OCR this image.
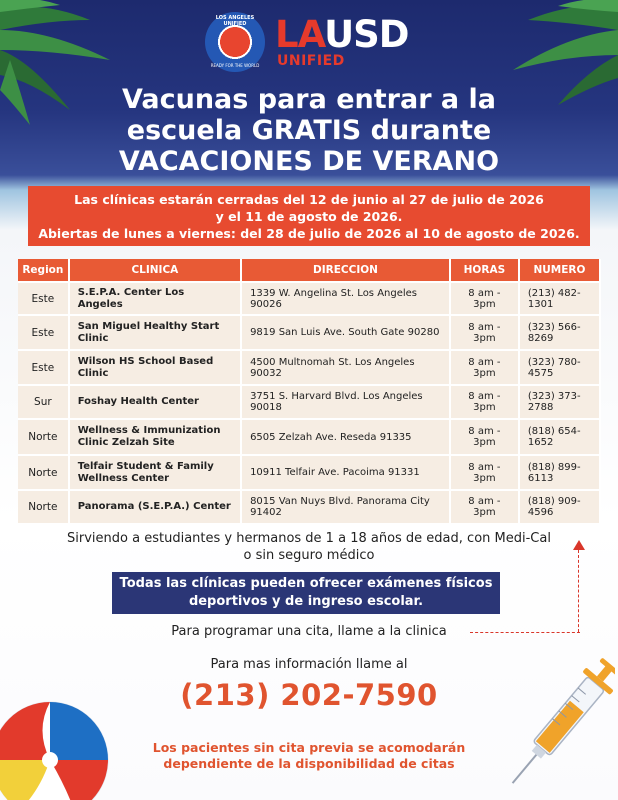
LOS ANGELES UNIFIED
READY FOR THE WORLD
LAUSD
UNIFIED
Vacunas para entrar a la
escuela GRATIS durante
VACACIONES DE VERANO
Las clínicas estarán cerradas del 12 de junio al 27 de julio de 2026
y el 11 de agosto de 2026.
Abiertas de lunes a viernes: del 28 de julio de 2026 al 10 de agosto de 2026.
Region	CLINICA	DIRECCION	HORAS	NUMERO
Este	S.E.P.A. Center Los Angeles	1339 W. Angelina St. Los Angeles 90026	8 am - 3pm	(213) 482-1301
Este	San Miguel Healthy Start Clinic	9819 San Luis Ave. South Gate 90280	8 am - 3pm	(323) 566-8269
Este	Wilson HS School Based Clinic	4500 Multnomah St. Los Angeles 90032	8 am - 3pm	(323) 780-4575
Sur	Foshay Health Center	3751 S. Harvard Blvd. Los Angeles 90018	8 am - 3pm	(323) 373-2788
Norte	Wellness & Immunization Clinic Zelzah Site	6505 Zelzah Ave. Reseda 91335	8 am - 3pm	(818) 654-1652
Norte	Telfair Student & Family Wellness Center	10911 Telfair Ave. Pacoima 91331	8 am - 3pm	(818) 899-6113
Norte	Panorama (S.E.P.A.) Center	8015 Van Nuys Blvd. Panorama City 91402	8 am - 3pm	(818) 909-4596
Sirviendo a estudiantes y hermanos de 1 a 18 años de edad, con Medi-Cal
o sin seguro médico
Todas las clínicas pueden ofrecer exámenes físicos
deportivos y de ingreso escolar.
Para programar una cita, llame a la clinica
Para mas información llame al
(213) 202-7590
Los pacientes sin cita previa se acomodarán
dependiente de la disponibilidad de citas
